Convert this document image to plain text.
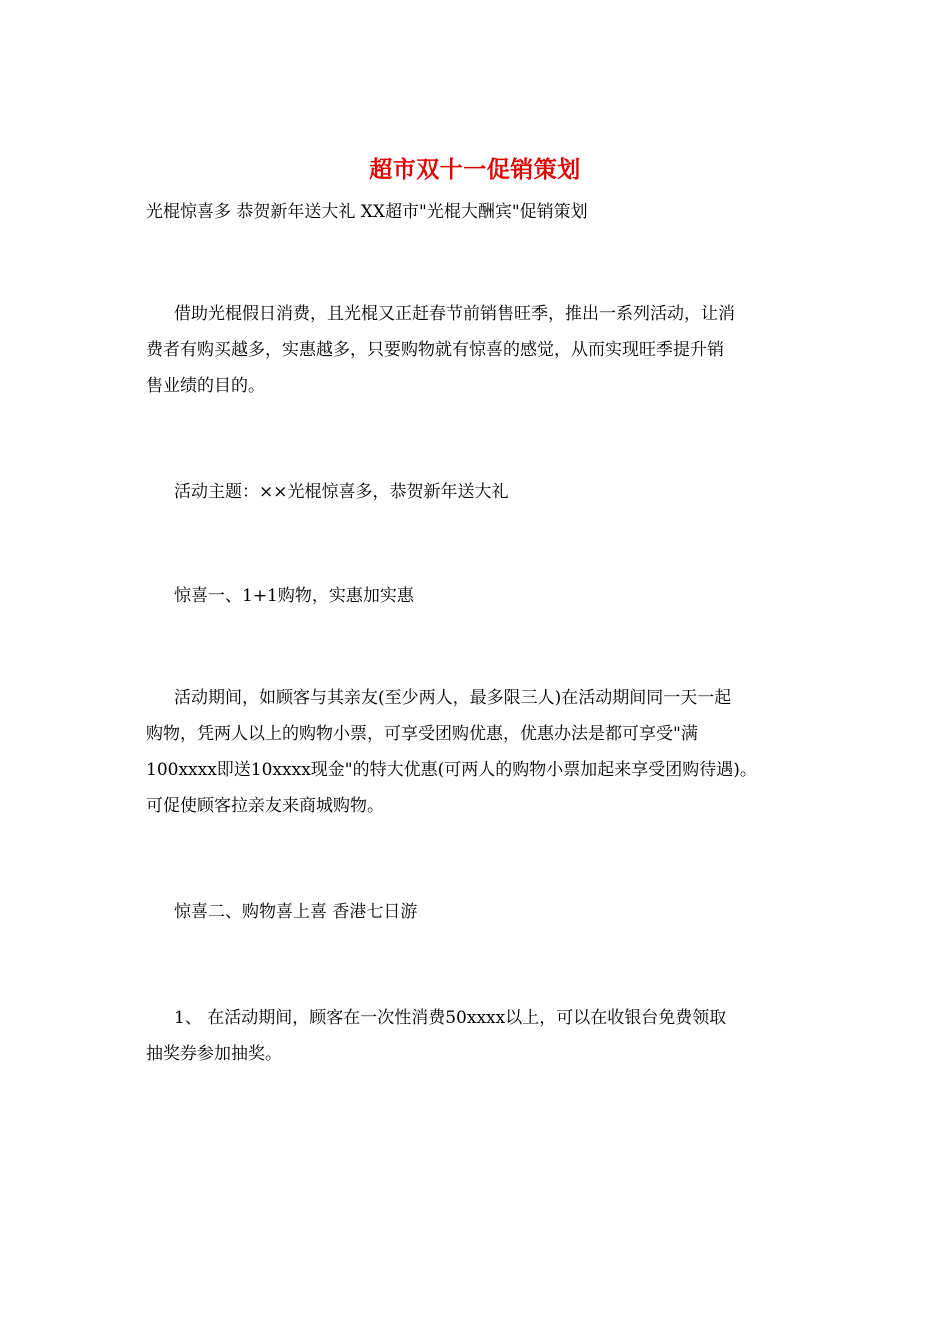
超市双十一促销策划
光棍惊喜多 恭贺新年送大礼 XX超市"光棍大酬宾"促销策划

借助光棍假日消费，且光棍又正赶春节前销售旺季，推出一系列活动，让消
费者有购买越多，实惠越多，只要购物就有惊喜的感觉，从而实现旺季提升销
售业绩的目的。

活动主题：××光棍惊喜多，恭贺新年送大礼

惊喜一、1+1购物，实惠加实惠

活动期间，如顾客与其亲友(至少两人，最多限三人)在活动期间同一天一起
购物，凭两人以上的购物小票，可享受团购优惠，优惠办法是都可享受"满
100xxxx即送10xxxx现金"的特大优惠(可两人的购物小票加起来享受团购待遇)。
可促使顾客拉亲友来商城购物。

惊喜二、购物喜上喜 香港七日游

1、 在活动期间，顾客在一次性消费50xxxx以上，可以在收银台免费领取
抽奖券参加抽奖。
